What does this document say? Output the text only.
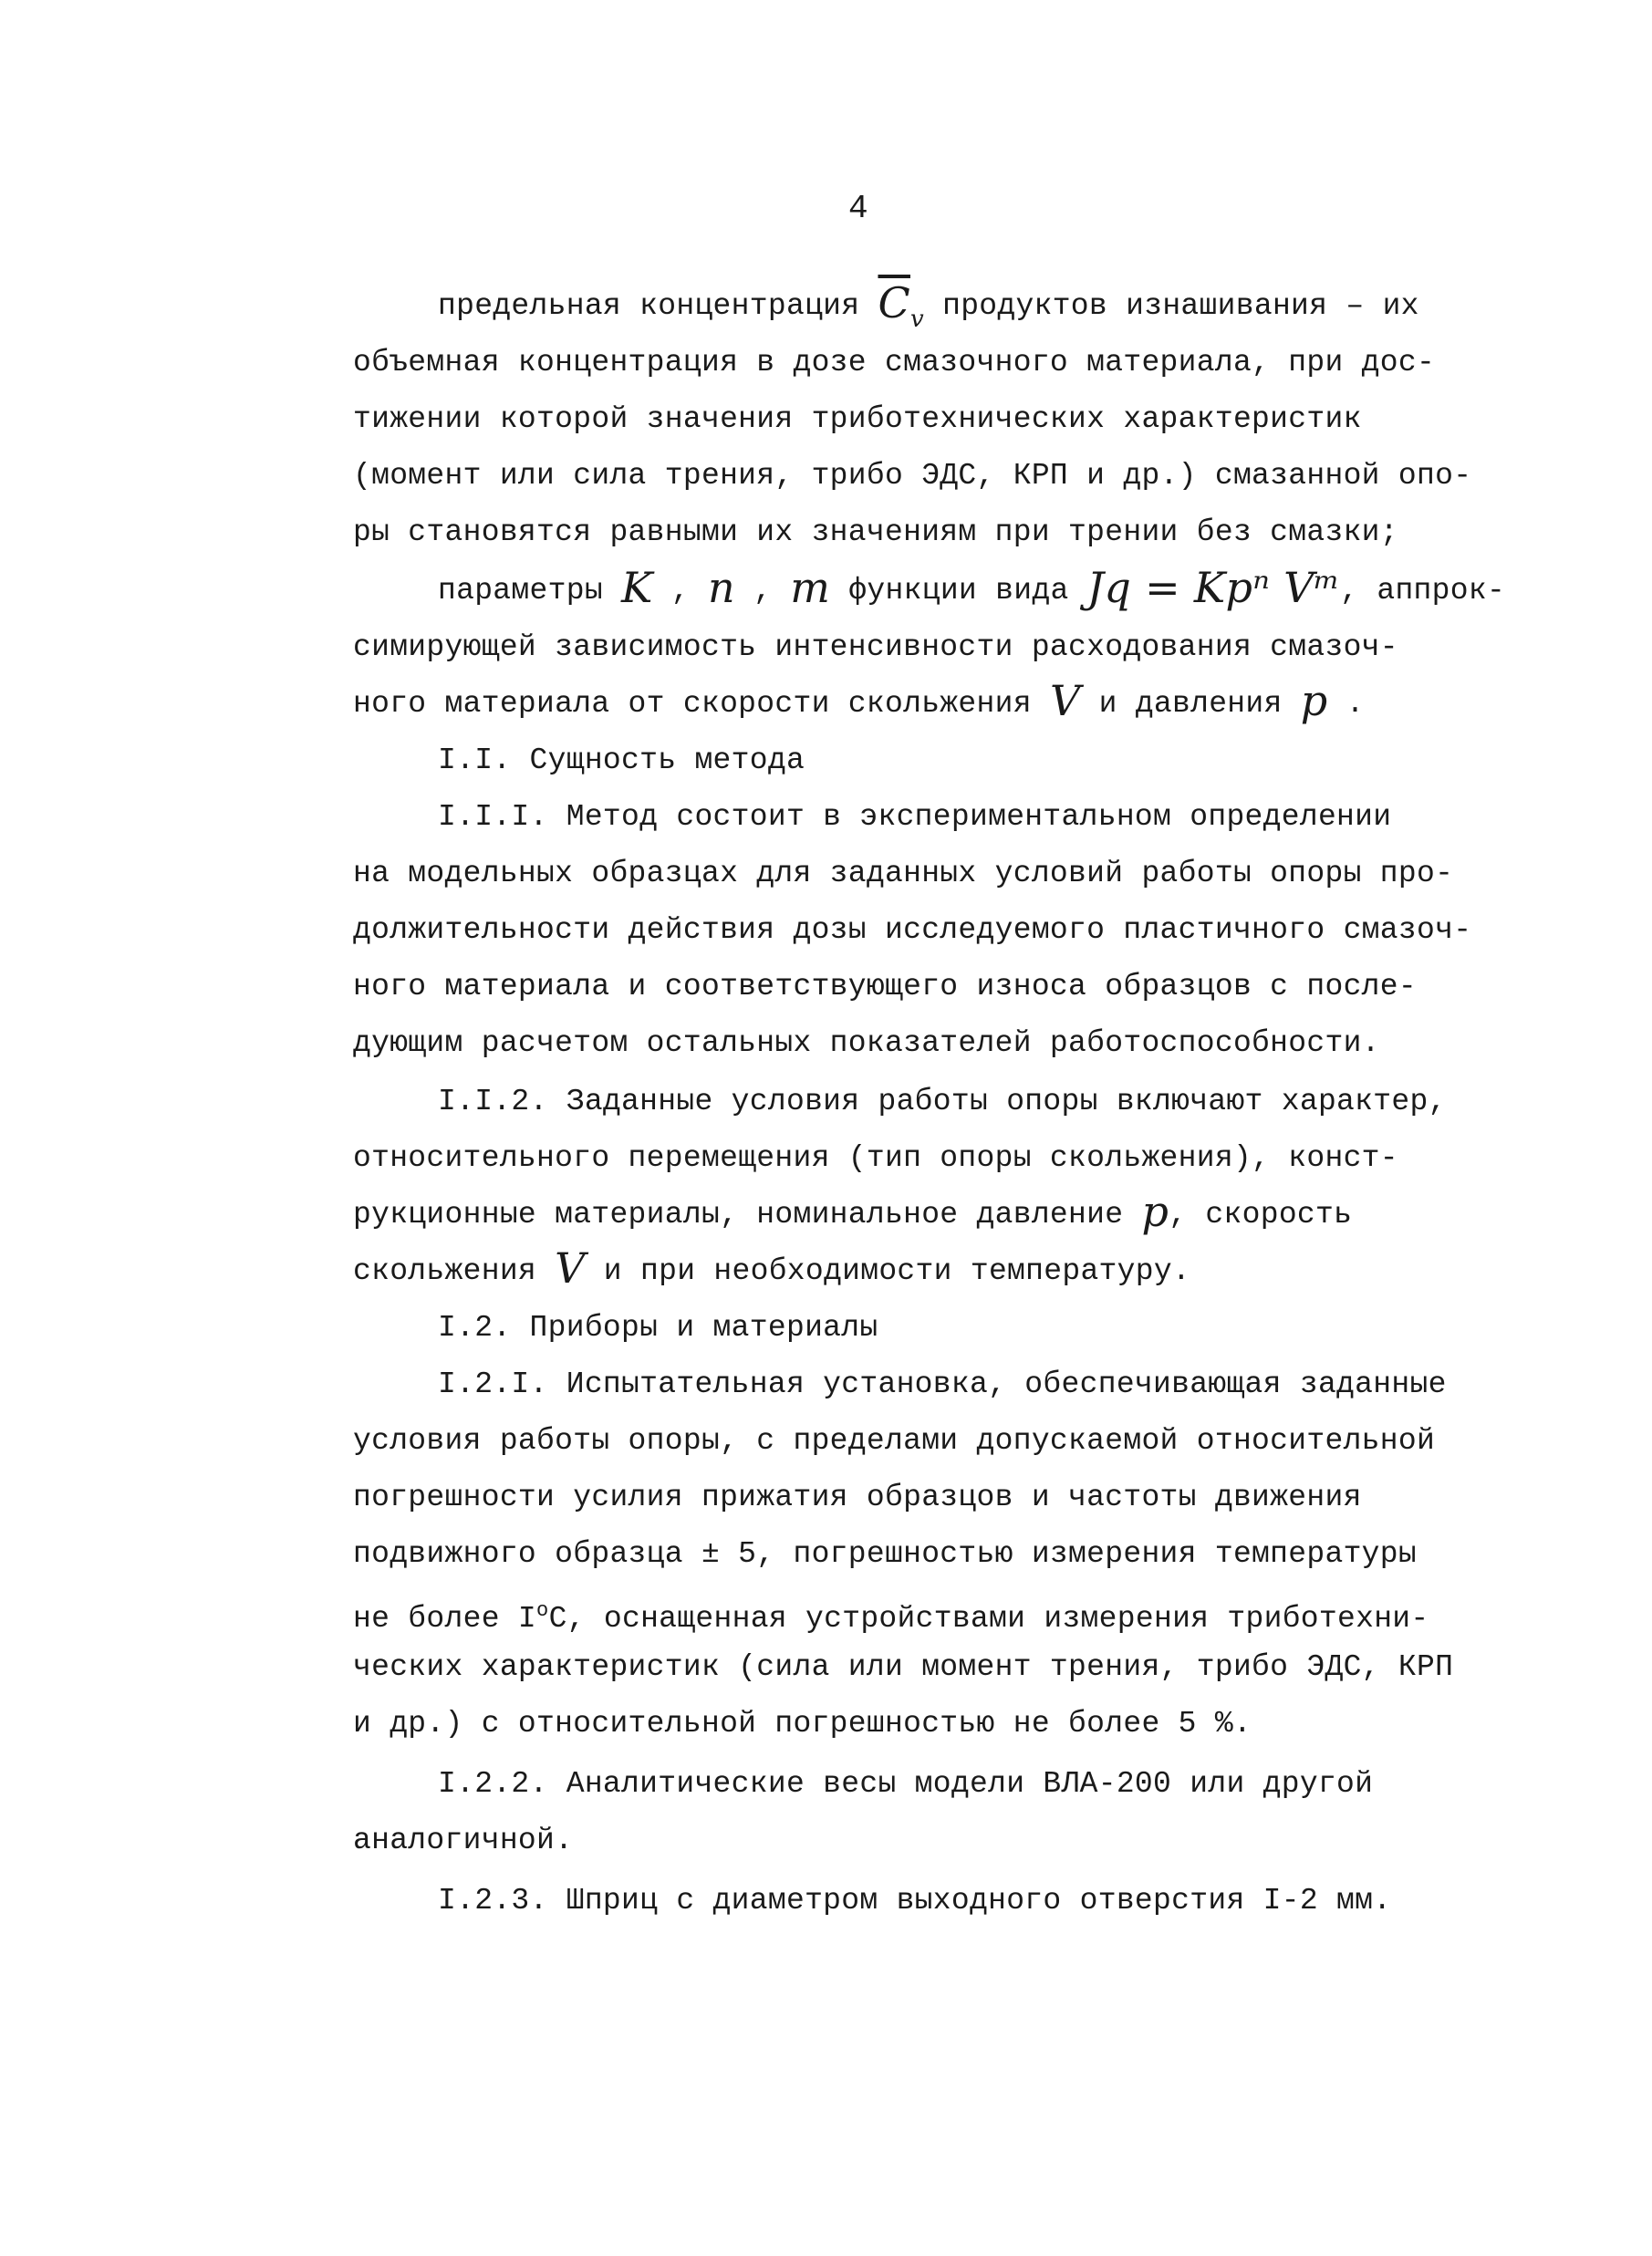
4
предельная концентрация $\overline{C}_v$ продуктов изнашивания – их
объемная концентрация в дозе смазочного материала, при дос-
тижении которой значения триботехнических характеристик
(момент или сила трения, трибо ЭДС, КРП и др.) смазанной опо-
ры становятся равными их значениям при трении без смазки;
параметры K , n , m функции вида Jq = Kpⁿ Vᵐ, аппрок-
симирующей зависимость интенсивности расходования смазоч-
ного материала от скорости скольжения V и давления p .
I.I. Сущность метода
I.I.I. Метод состоит в экспериментальном определении
на модельных образцах для заданных условий работы опоры про-
должительности действия дозы исследуемого пластичного смазоч-
ного материала и соответствующего износа образцов с после-
дующим расчетом остальных показателей работоспособности.
I.I.2. Заданные условия работы опоры включают характер,
относительного перемещения (тип опоры скольжения), конст-
рукционные материалы, номинальное давление p, скорость
скольжения V и при необходимости температуру.
I.2. Приборы и материалы
I.2.I. Испытательная установка, обеспечивающая заданные
условия работы опоры, с пределами допускаемой относительной
погрешности усилия прижатия образцов и частоты движения
подвижного образца ± 5, погрешностью измерения температуры
не более $I^oС$, оснащенная устройствами измерения триботехни-
ческих характеристик (сила или момент трения, трибо ЭДС, КРП
и др.) с относительной погрешностью не более 5 %.
I.2.2. Аналитические весы модели ВЛА-200 или другой
аналогичной.
I.2.3. Шприц с диаметром выходного отверстия I-2 мм.
